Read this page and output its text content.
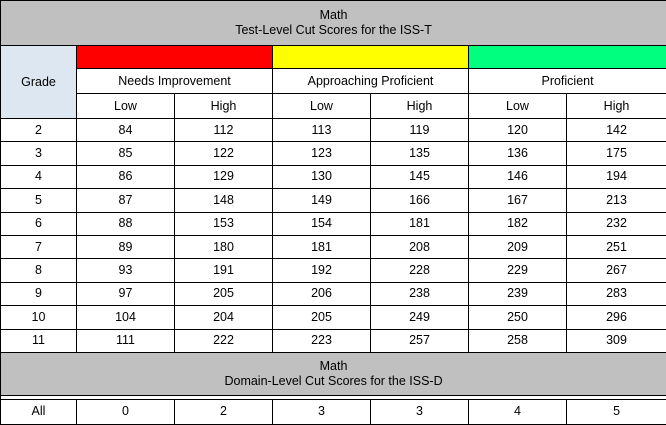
Math
Test-Level Cut Scores for the ISS-T						

Grade						
	Needs Improvement		Approaching Proficient		Proficient	
	Low	High	Low	High	Low	High
2	84	112	113	119	120	142
3	85	122	123	135	136	175
4	86	129	130	145	146	194
5	87	148	149	166	167	213
6	88	153	154	181	182	232
7	89	180	181	208	209	251
8	93	191	192	228	229	267
9	97	205	206	238	239	283
10	104	204	205	249	250	296
11	111	222	223	257	258	309

Math
Domain-Level Cut Scores for the ISS-D						

All	0	2	3	3	4	5
